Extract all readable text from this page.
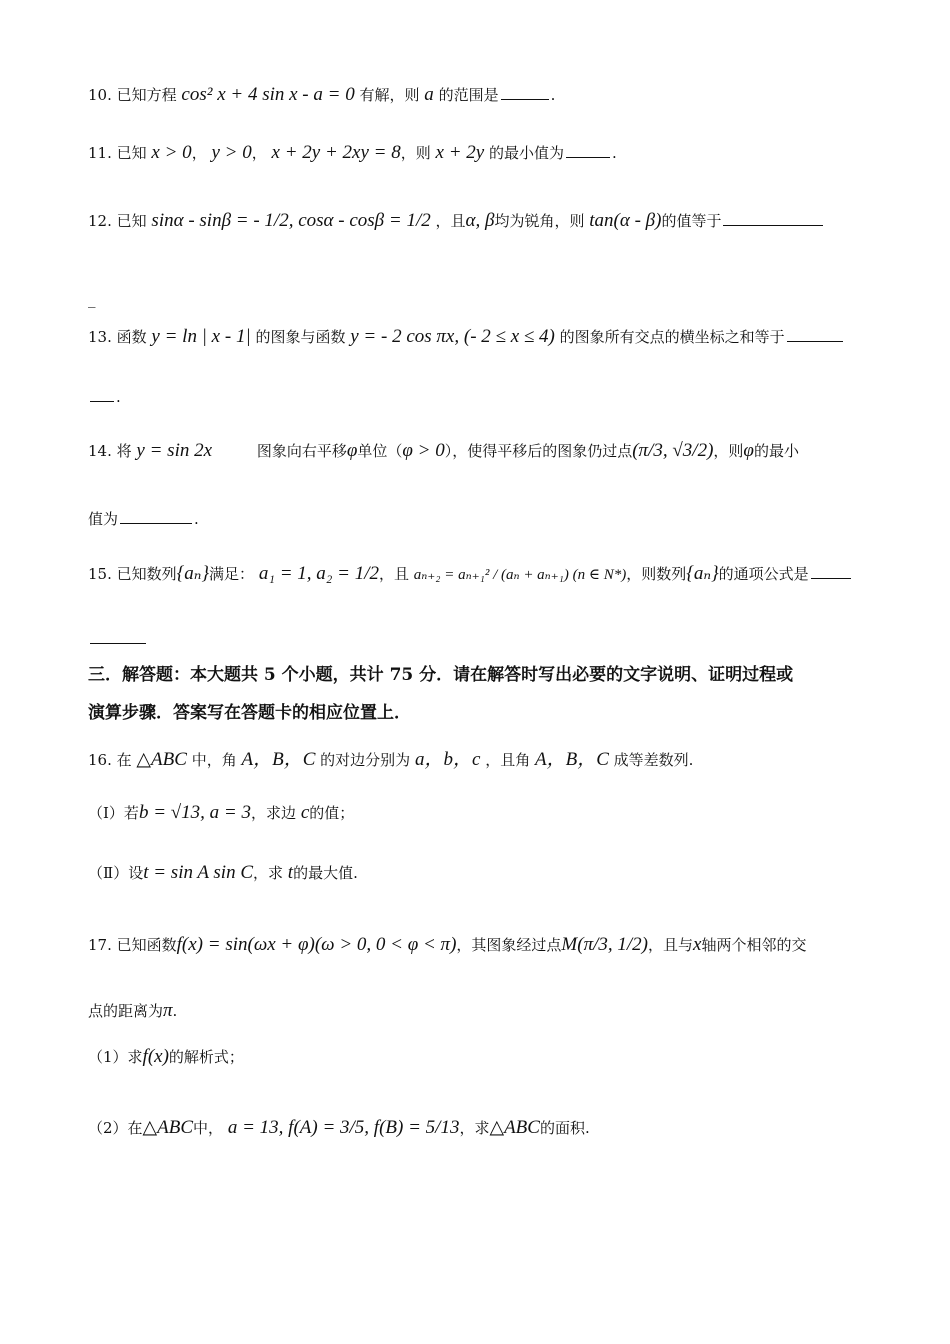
10. 已知方程 cos² x + 4 sin x - a = 0 有解，则 a 的范围是	.
11. 已知 x > 0， y > 0， x + 2y + 2xy = 8，则 x + 2y 的最小值为	.
12. 已知 sinα - sinβ = - 1/2, cosα - cosβ = 1/2 ，且α, β均为锐角，则 tan(α - β)的值等于
_
13. 函数 y = ln | x - 1| 的图象与函数 y = - 2 cos πx, (- 2 ≤ x ≤ 4) 的图象所有交点的横坐标之和等于
.
14. 将 y = sin 2x	图象向右平移φ单位（φ > 0），使得平移后的图象仍过点(π/3, √3/2)，则φ的最小
值为	.
15. 已知数列{aₙ}满足： a₁ = 1, a₂ = 1/2，且 aₙ₊₂ = aₙ₊₁² / (aₙ + aₙ₊₁) (n ∈ N*)，则数列{aₙ}的通项公式是
三．解答题：本大题共 5 个小题，共计 75 分．请在解答时写出必要的文字说明、证明过程或
演算步骤．答案写在答题卡的相应位置上．
16. 在 △ABC 中，角 A，B，C 的对边分别为 a，b，c ，且角 A，B，C 成等差数列.
（Ⅰ）若b = √13, a = 3，求边 c的值；
（Ⅱ）设t = sin A sin C，求 t的最大值.
17. 已知函数f(x) = sin(ωx + φ)(ω > 0, 0 < φ < π)，其图象经过点M(π/3, 1/2)，且与x轴两个相邻的交
点的距离为π.
（1）求f(x)的解析式；
（2）在△ABC中， a = 13, f(A) = 3/5, f(B) = 5/13，求△ABC的面积.
